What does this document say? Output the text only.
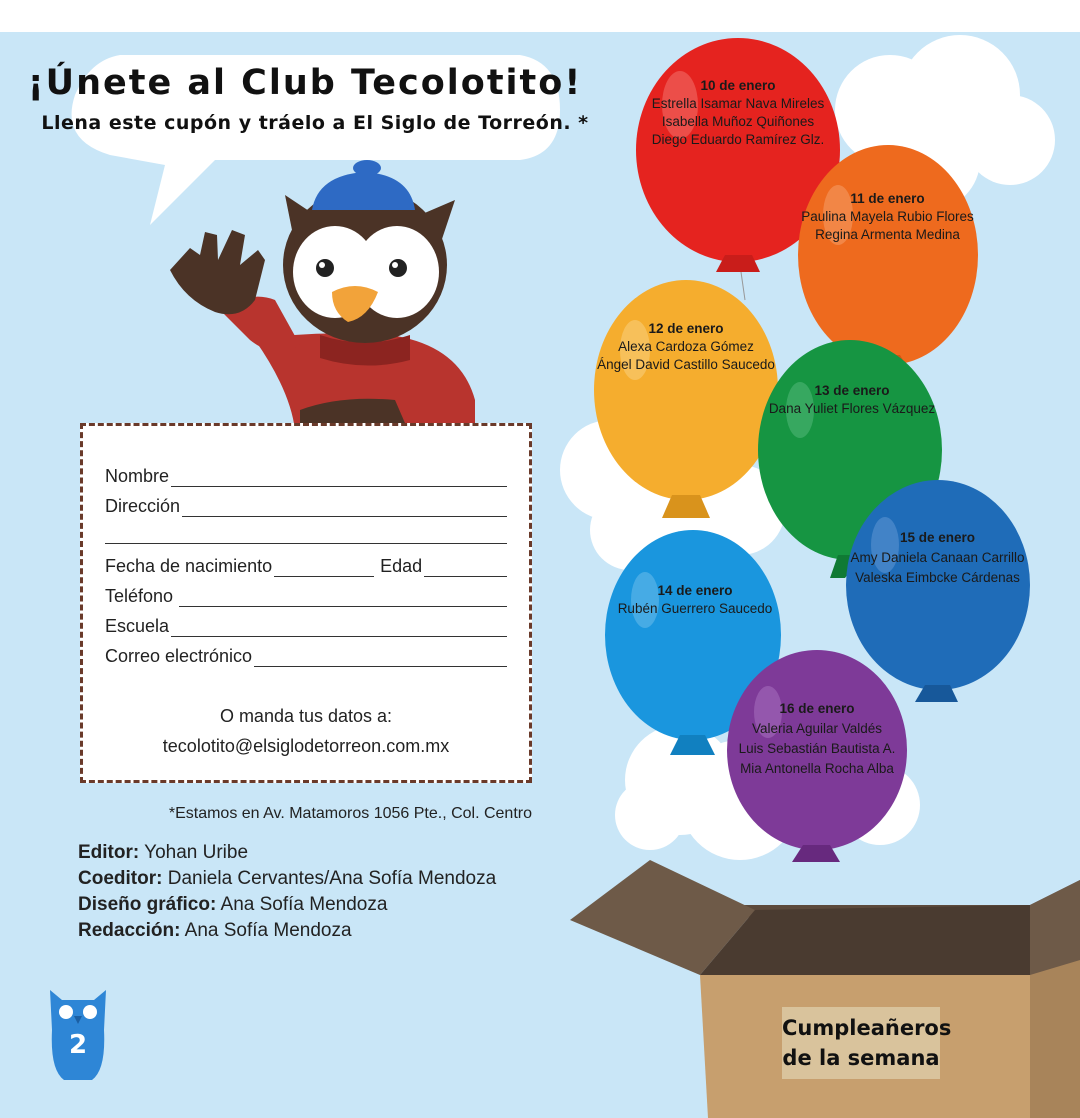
¡Únete al Club Tecolotito!
Llena este cupón y tráelo a El Siglo de Torreón. *
Nombre
Dirección
Fecha de nacimiento	Edad
Teléfono
Escuela
Correo electrónico
O manda tus datos a:
tecolotito@elsiglodetorreon.com.mx
*Estamos en Av. Matamoros 1056 Pte., Col. Centro
Editor: Yohan Uribe
Coeditor: Daniela Cervantes/Ana Sofía Mendoza
Diseño gráfico: Ana Sofía Mendoza
Redacción: Ana Sofía Mendoza
10 de enero
Estrella Isamar Nava Mireles
Isabella Muñoz Quiñones
Diego Eduardo Ramírez Glz.
11 de enero
Paulina Mayela Rubio Flores
Regina Armenta Medina
12 de enero
Alexa Cardoza Gómez
Ángel David Castillo Saucedo
13 de enero
Dana Yuliet Flores Vázquez
14 de enero
Rubén Guerrero Saucedo
15 de enero
Amy Daniela Canaan Carrillo
Valeska Eimbcke Cárdenas
16 de enero
Valeria Aguilar Valdés
Luis Sebastián Bautista A.
Mia Antonella Rocha Alba
Cumpleañeros
de la semana
2
